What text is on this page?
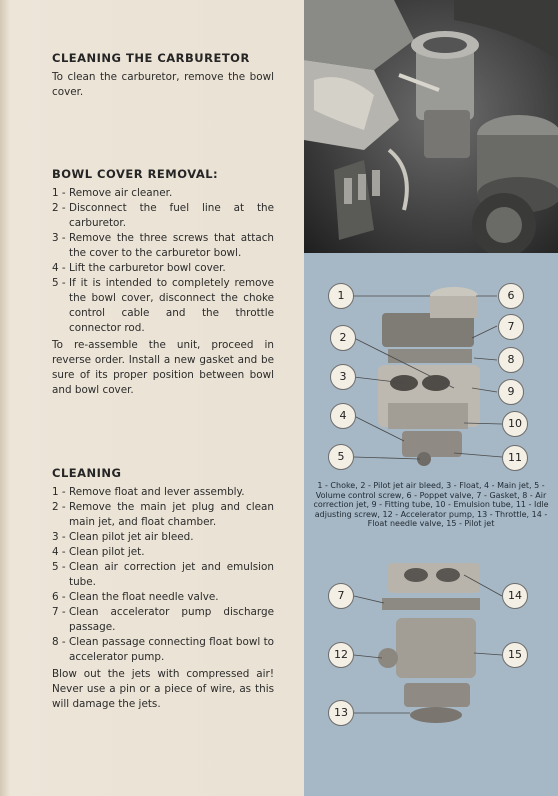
CLEANING THE CARBURETOR
To clean the carburetor, remove the bowl cover.
BOWL COVER REMOVAL:
1 - Remove air cleaner.
2 - Disconnect the fuel line at the carburetor.
3 - Remove the three screws that attach the cover to the carburetor bowl.
4 - Lift the carburetor bowl cover.
5 - If it is intended to completely remove the bowl cover, disconnect the choke control cable and the throttle connector rod.
To re-assemble the unit, proceed in reverse order. Install a new gasket and be sure of its proper position between bowl and bowl cover.
CLEANING
1 - Remove float and lever assembly.
2 - Remove the main jet plug and clean main jet, and float chamber.
3 - Clean pilot jet air bleed.
4 - Clean pilot jet.
5 - Clean air correction jet and emulsion tube.
6 - Clean the float needle valve.
7 - Clean accelerator pump discharge passage.
8 - Clean passage connecting float bowl to accelerator pump.
Blow out the jets with compressed air! Never use a pin or a piece of wire, as this will damage the jets.
1
2
3
4
5
6
7
8
9
10
11
1 - Choke, 2 - Pilot jet air bleed, 3 - Float, 4 - Main jet, 5 - Volume control screw, 6 - Poppet valve, 7 - Gasket, 8 - Air correction jet, 9 - Fitting tube, 10 - Emulsion tube, 11 - Idle adjusting screw, 12 - Accelerator pump, 13 - Throttle, 14 - Float needle valve, 15 - Pilot jet
7
12
13
14
15
